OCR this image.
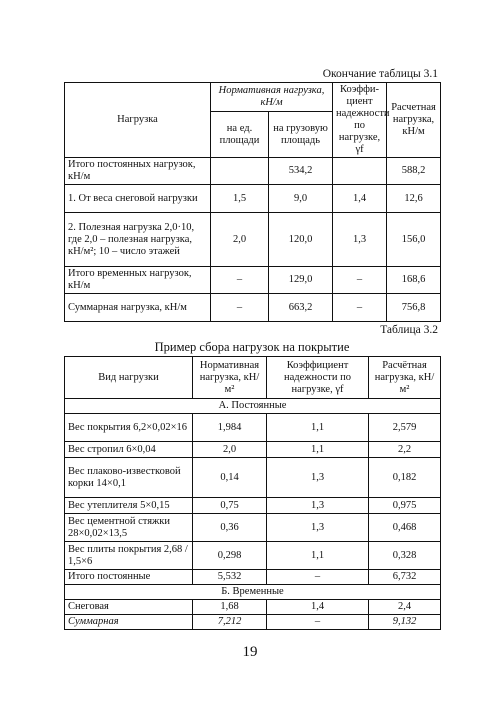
Окончание таблицы 3.1
Нагрузка	Нормативная нагрузка, кН/м		Коэффи-циент надежности по нагрузке, γf	Расчетная нагрузка, кН/м
	на ед. площади	на грузовую площадь		
Итого постоянных нагрузок, кН/м		534,2		588,2
1. От веса снеговой нагрузки	1,5	9,0	1,4	12,6
2. Полезная нагрузка 2,0·10, где 2,0 – полезная нагрузка, кН/м²; 10 – число этажей	2,0	120,0	1,3	156,0
Итого временных нагрузок, кН/м	–	129,0	–	168,6
Суммарная нагрузка, кН/м	–	663,2	–	756,8
Таблица 3.2
Пример сбора нагрузок на покрытие
Вид нагрузки	Нормативная нагрузка, кН/м²	Коэффициент надежности по нагрузке, γf	Расчётная нагрузка, кН/м²
А. Постоянные			
Вес покрытия 6,2×0,02×16	1,984	1,1	2,579
Вес стропил 6×0,04	2,0	1,1	2,2
Вес плаково-известковой корки 14×0,1	0,14	1,3	0,182
Вес утеплителя 5×0,15	0,75	1,3	0,975
Вес цементной стяжки 28×0,02×13,5	0,36	1,3	0,468
Вес плиты покрытия 2,68 / 1,5×6	0,298	1,1	0,328
Итого постоянные	5,532	–	6,732
Б. Временные			
Снеговая	1,68	1,4	2,4
Суммарная	7,212	–	9,132
19
